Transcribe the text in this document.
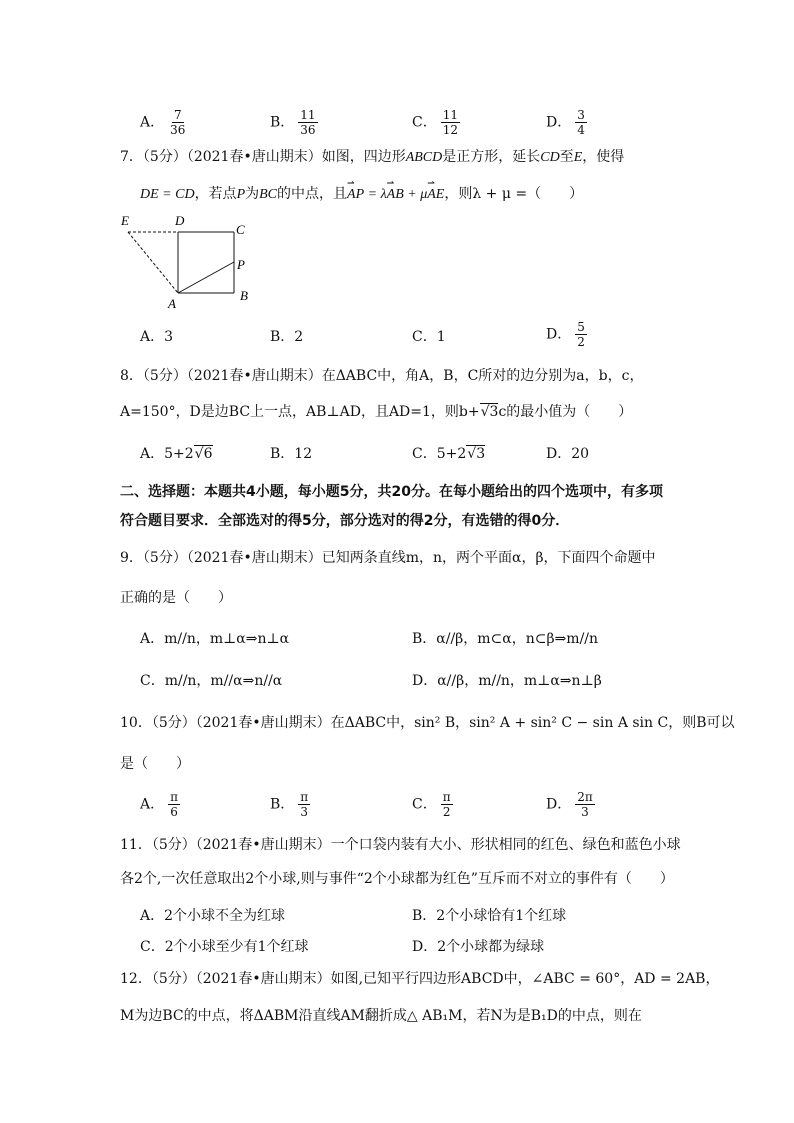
A． $\frac{7}{36}$	B． $\frac{11}{36}$	C． $\frac{11}{12}$	D． $\frac{3}{4}$
7．（5分）（2021春•唐山期末）如图，四边形ABCD是正方形，延长CD至E，使得
DE = CD，若点P为BC的中点，且⇀ AP = λ⇀ AB + μ⇀ AE，则λ + μ =（　　）
E	D
C
P
A
B
A．3	B．2	C．1	D． $\frac{5}{2}$
8．（5分）（2021春•唐山期末）在ΔABC中，角A，B，C所对的边分别为a，b，c，
A=150°，D是边BC上一点，AB⊥AD，且AD=1，则b+√3c的最小值为（　　）
A．5+2√6	B．12	C．5+2√3	D．20
二、选择题：本题共4小题，每小题5分，共20分。在每小题给出的四个选项中，有多项
符合题目要求．全部选对的得5分，部分选对的得2分，有选错的得0分．
9．（5分）（2021春•唐山期末）已知两条直线m，n，两个平面α，β，下面四个命题中
正确的是（　　）
A．m//n，m⊥α⇒n⊥α	B．α//β，m⊂α，n⊂β⇒m//n
C．m//n，m//α⇒n//α	D．α//β，m//n，m⊥α⇒n⊥β
10．（5分）（2021春•唐山期末）在ΔABC中，sin² B，sin² A + sin² C − sin A sin C，则B可以
是（　　）
A． $\frac{\pi}{6}$	B． $\frac{\pi}{3}$	C． $\frac{\pi}{2}$	D． $\frac{2\pi}{3}$
11．（5分）（2021春•唐山期末）一个口袋内装有大小、形状相同的红色、绿色和蓝色小球
各2个,一次任意取出2个小球,则与事件“2个小球都为红色”互斥而不对立的事件有（　　）
A．2个小球不全为红球	B．2个小球恰有1个红球
C．2个小球至少有1个红球	D．2个小球都为绿球
12．（5分）（2021春•唐山期末）如图,已知平行四边形ABCD中，∠ABC = 60°，AD = 2AB，
M为边BC的中点，将ΔABM沿直线AM翻折成△ AB₁M，若N为是B₁D的中点，则在
